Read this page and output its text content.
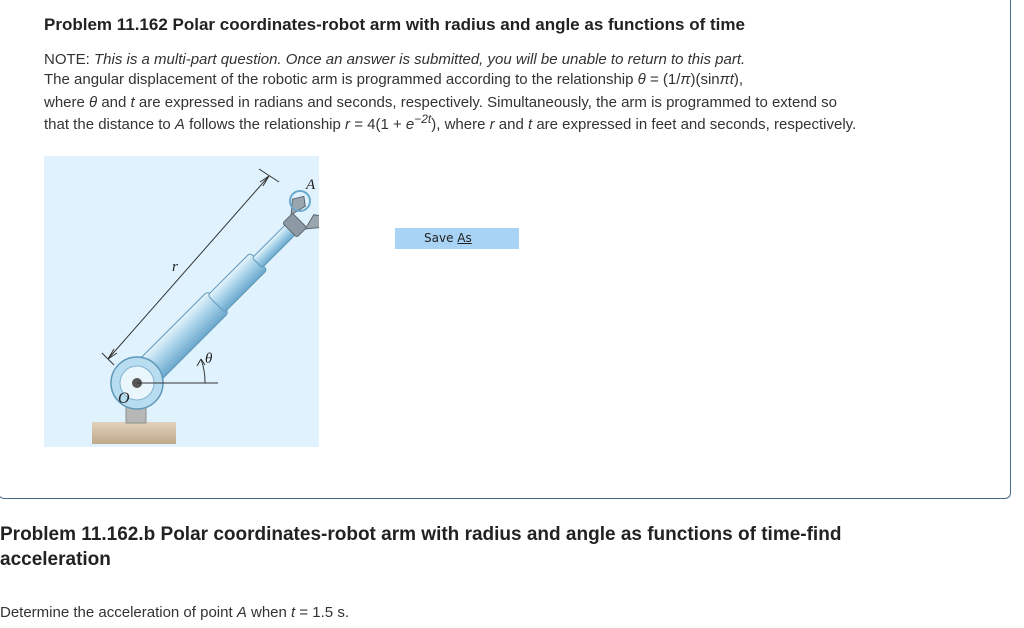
Problem 11.162 Polar coordinates-robot arm with radius and angle as functions of time

NOTE: This is a multi-part question. Once an answer is submitted, you will be unable to return to this part.

The angular displacement of the robotic arm is programmed according to the relationship θ = (1/π)(sinπt),
where θ and t are expressed in radians and seconds, respectively. Simultaneously, the arm is programmed to extend so
that the distance to A follows the relationship $r = 4(1 + e^{-2t})$, where r and t are expressed in feet and seconds, respectively.

A
r
θ
O
Save As
Problem 11.162.b Polar coordinates-robot arm with radius and angle as functions of time-find acceleration

Determine the acceleration of point A when t = 1.5 s.
